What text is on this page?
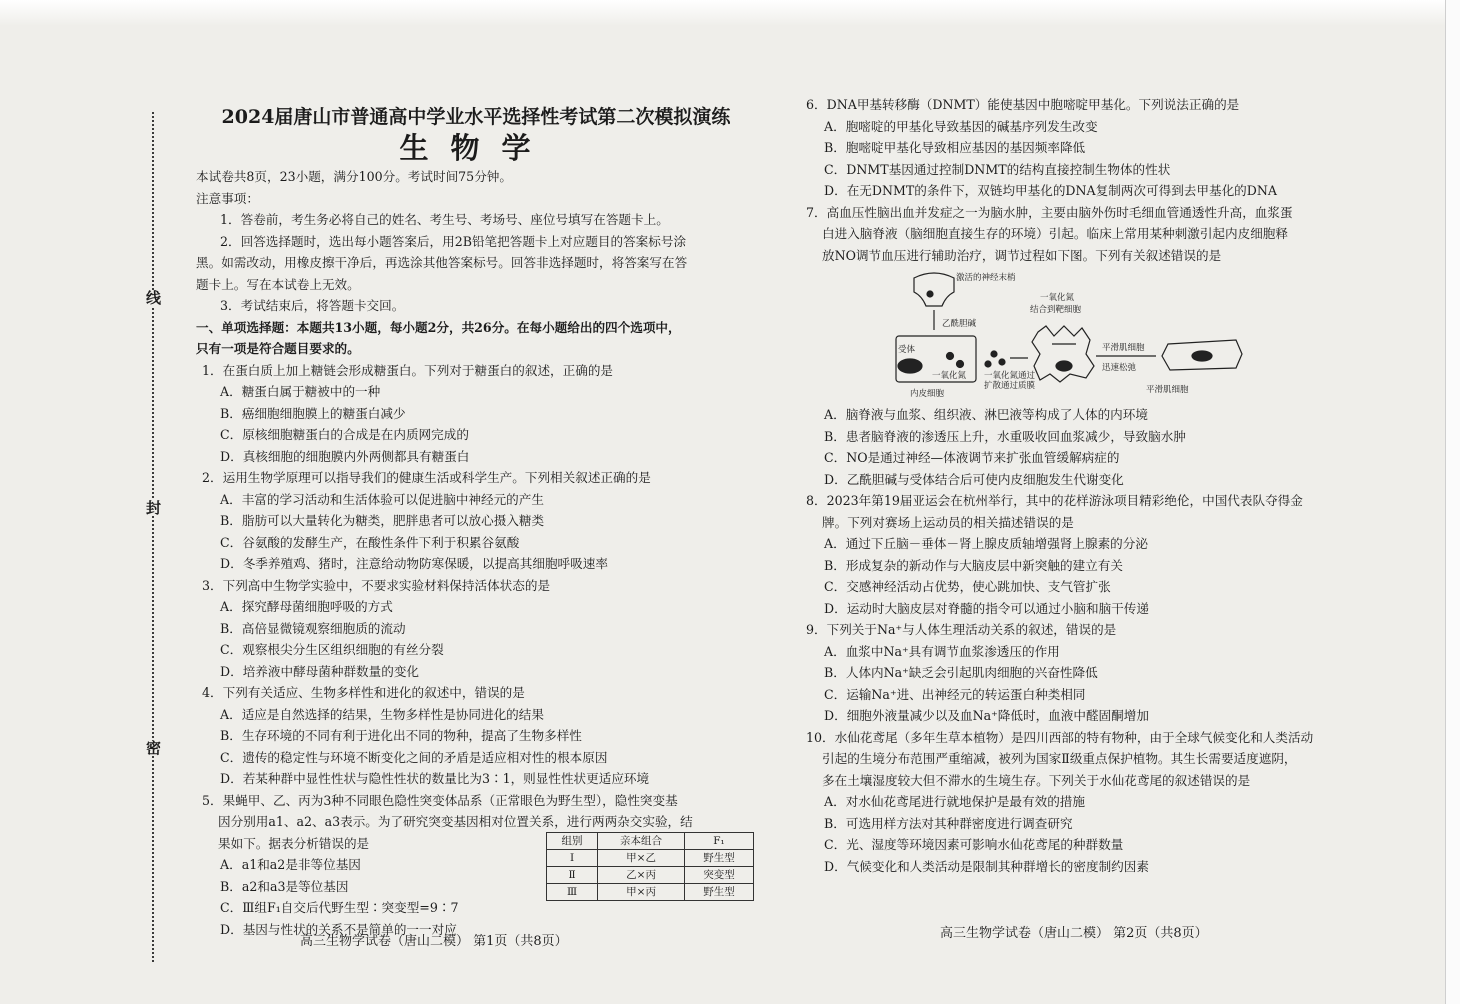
线
封
密

2024届唐山市普通高中学业水平选择性考试第二次模拟演练

生物学

本试卷共8页，23小题，满分100分。考试时间75分钟。

注意事项：

1．答卷前，考生务必将自己的姓名、考生号、考场号、座位号填写在答题卡上。

2．回答选择题时，选出每小题答案后，用2B铅笔把答题卡上对应题目的答案标号涂

黑。如需改动，用橡皮擦干净后，再选涂其他答案标号。回答非选择题时，将答案写在答

题卡上。写在本试卷上无效。

3．考试结束后，将答题卡交回。

一、单项选择题：本题共13小题，每小题2分，共26分。在每小题给出的四个选项中，

只有一项是符合题目要求的。

1．在蛋白质上加上糖链会形成糖蛋白。下列对于糖蛋白的叙述，正确的是

A．糖蛋白属于糖被中的一种

B．癌细胞细胞膜上的糖蛋白减少

C．原核细胞糖蛋白的合成是在内质网完成的

D．真核细胞的细胞膜内外两侧都具有糖蛋白

2．运用生物学原理可以指导我们的健康生活或科学生产。下列相关叙述正确的是

A．丰富的学习活动和生活体验可以促进脑中神经元的产生

B．脂肪可以大量转化为糖类，肥胖患者可以放心摄入糖类

C．谷氨酸的发酵生产，在酸性条件下利于积累谷氨酸

D．冬季养殖鸡、猪时，注意给动物防寒保暖，以提高其细胞呼吸速率

3．下列高中生物学实验中，不要求实验材料保持活体状态的是

A．探究酵母菌细胞呼吸的方式

B．高倍显微镜观察细胞质的流动

C．观察根尖分生区组织细胞的有丝分裂

D．培养液中酵母菌种群数量的变化

4．下列有关适应、生物多样性和进化的叙述中，错误的是

A．适应是自然选择的结果，生物多样性是协同进化的结果

B．生存环境的不同有利于进化出不同的物种，提高了生物多样性

C．遗传的稳定性与环境不断变化之间的矛盾是适应相对性的根本原因

D．若某种群中显性性状与隐性性状的数量比为3∶1，则显性性状更适应环境

5．果蝇甲、乙、丙为3种不同眼色隐性突变体品系（正常眼色为野生型），隐性突变基

因分别用a1、a2、a3表示。为了研究突变基因相对位置关系，进行两两杂交实验，结

果如下。据表分析错误的是

A．a1和a2是非等位基因

B．a2和a3是等位基因

C．Ⅲ组F₁自交后代野生型∶突变型=9∶7

D．基因与性状的关系不是简单的一一对应

组别	亲本组合	F₁
Ⅰ	甲×乙	野生型
Ⅱ	乙×丙	突变型
Ⅲ	甲×丙	野生型
高三生物学试卷（唐山二模） 第1页（共8页）

6．DNA甲基转移酶（DNMT）能使基因中胞嘧啶甲基化。下列说法正确的是

A．胞嘧啶的甲基化导致基因的碱基序列发生改变

B．胞嘧啶甲基化导致相应基因的基因频率降低

C．DNMT基因通过控制DNMT的结构直接控制生物体的性状

D．在无DNMT的条件下，双链均甲基化的DNA复制两次可得到去甲基化的DNA

7．高血压性脑出血并发症之一为脑水肿，主要由脑外伤时毛细血管通透性升高，血浆蛋

白进入脑脊液（脑细胞直接生存的环境）引起。临床上常用某种刺激引起内皮细胞释

放NO调节血压进行辅助治疗，调节过程如下图。下列有关叙述错误的是

激活的神经末梢
乙酰胆碱
一氧化氮
结合到靶细胞
受体
一氧化氮 一氧化氮通过
扩散通过质膜
内皮细胞
平滑肌细胞
迅速松弛
平滑肌细胞

A．脑脊液与血浆、组织液、淋巴液等构成了人体的内环境

B．患者脑脊液的渗透压上升，水重吸收回血浆减少，导致脑水肿

C．NO是通过神经—体液调节来扩张血管缓解病症的

D．乙酰胆碱与受体结合后可使内皮细胞发生代谢变化

8．2023年第19届亚运会在杭州举行，其中的花样游泳项目精彩绝伦，中国代表队夺得金

牌。下列对赛场上运动员的相关描述错误的是

A．通过下丘脑－垂体－肾上腺皮质轴增强肾上腺素的分泌

B．形成复杂的新动作与大脑皮层中新突触的建立有关

C．交感神经活动占优势，使心跳加快、支气管扩张

D．运动时大脑皮层对脊髓的指令可以通过小脑和脑干传递

9．下列关于Na⁺与人体生理活动关系的叙述，错误的是

A．血浆中Na⁺具有调节血浆渗透压的作用

B．人体内Na⁺缺乏会引起肌肉细胞的兴奋性降低

C．运输Na⁺进、出神经元的转运蛋白种类相同

D．细胞外液量减少以及血Na⁺降低时，血液中醛固酮增加

10．水仙花鸢尾（多年生草本植物）是四川西部的特有物种，由于全球气候变化和人类活动

引起的生境分布范围严重缩减，被列为国家Ⅱ级重点保护植物。其生长需要适度遮阴，

多在土壤湿度较大但不滞水的生境生存。下列关于水仙花鸢尾的叙述错误的是

A．对水仙花鸢尾进行就地保护是最有效的措施

B．可选用样方法对其种群密度进行调查研究

C．光、湿度等环境因素可影响水仙花鸢尾的种群数量

D．气候变化和人类活动是限制其种群增长的密度制约因素

高三生物学试卷（唐山二模） 第2页（共8页）
